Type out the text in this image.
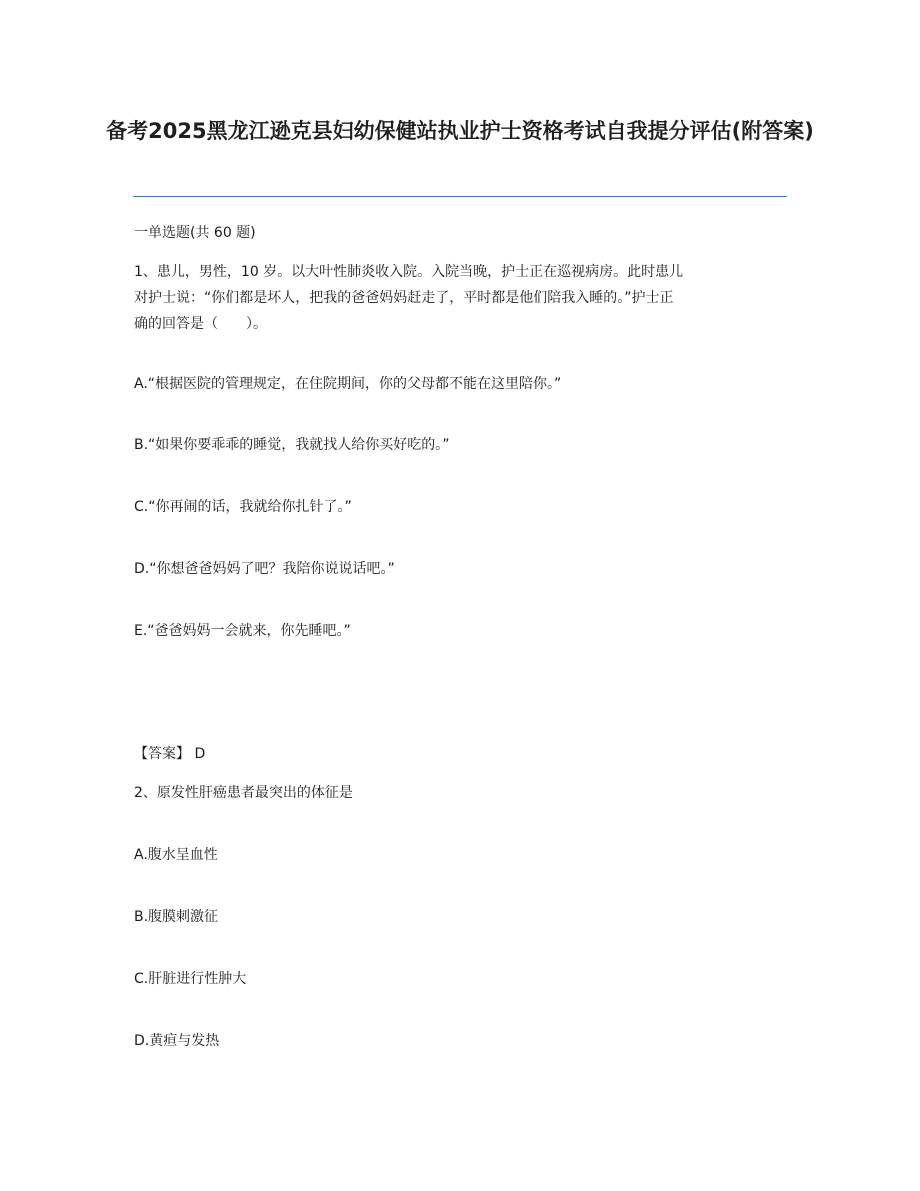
备考2025黑龙江逊克县妇幼保健站执业护士资格考试自我提分评估(附答案)
一单选题(共 60 题)
1、患儿，男性，10 岁。以大叶性肺炎收入院。入院当晚，护士正在巡视病房。此时患儿
对护士说：“你们都是坏人，把我的爸爸妈妈赶走了，平时都是他们陪我入睡的。”护士正
确的回答是（　　）。
A.“根据医院的管理规定，在住院期间，你的父母都不能在这里陪你。”
B.“如果你要乖乖的睡觉，我就找人给你买好吃的。”
C.“你再闹的话，我就给你扎针了。”
D.“你想爸爸妈妈了吧？我陪你说说话吧。”
E.“爸爸妈妈一会就来，你先睡吧。”
【答案】 D
2、原发性肝癌患者最突出的体征是
A.腹水呈血性
B.腹膜刺激征
C.肝脏进行性肿大
D.黄疸与发热
